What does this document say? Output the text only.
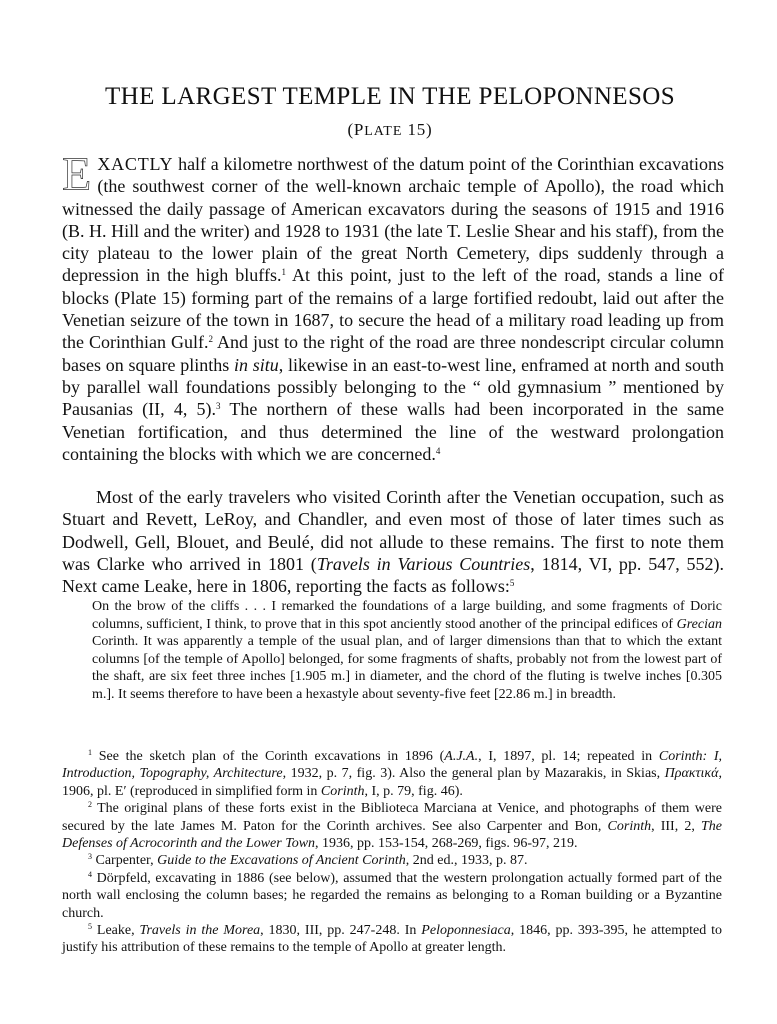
THE LARGEST TEMPLE IN THE PELOPONNESOS
(PLATE 15)

EXACTLY half a kilometre northwest of the datum point of the Corinthian excavations (the southwest corner of the well-known archaic temple of Apollo), the road which witnessed the daily passage of American excavators during the seasons of 1915 and 1916 (B. H. Hill and the writer) and 1928 to 1931 (the late T. Leslie Shear and his staff), from the city plateau to the lower plain of the great North Cemetery, dips suddenly through a depression in the high bluffs.$^1$ At this point, just to the left of the road, stands a line of blocks (Plate 15) forming part of the remains of a large fortified redoubt, laid out after the Venetian seizure of the town in 1687, to secure the head of a military road leading up from the Corinthian Gulf.$^2$ And just to the right of the road are three nondescript circular column bases on square plinths in situ, likewise in an east-to-west line, enframed at north and south by parallel wall foundations possibly belonging to the “ old gymnasium ” mentioned by Pausanias (II, 4, 5).$^3$ The northern of these walls had been incorporated in the same Venetian fortification, and thus determined the line of the westward prolongation containing the blocks with which we are concerned.$^4$

Most of the early travelers who visited Corinth after the Venetian occupation, such as Stuart and Revett, LeRoy, and Chandler, and even most of those of later times such as Dodwell, Gell, Blouet, and Beulé, did not allude to these remains. The first to note them was Clarke who arrived in 1801 (Travels in Various Countries, 1814, VI, pp. 547, 552). Next came Leake, here in 1806, reporting the facts as follows:$^5$

On the brow of the cliffs . . . I remarked the foundations of a large building, and some fragments of Doric columns, sufficient, I think, to prove that in this spot anciently stood another of the principal edifices of Grecian Corinth. It was apparently a temple of the usual plan, and of larger dimensions than that to which the extant columns [of the temple of Apollo] belonged, for some fragments of shafts, probably not from the lowest part of the shaft, are six feet three inches [1.905 m.] in diameter, and the chord of the fluting is twelve inches [0.305 m.]. It seems therefore to have been a hexastyle about seventy-five feet [22.86 m.] in breadth.

$^1$ See the sketch plan of the Corinth excavations in 1896 (A.J.A., I, 1897, pl. 14; repeated in Corinth: I, Introduction, Topography, Architecture, 1932, p. 7, fig. 3). Also the general plan by Mazarakis, in Skias, Πρακτικά, 1906, pl. Ε′ (reproduced in simplified form in Corinth, I, p. 79, fig. 46).

$^2$ The original plans of these forts exist in the Biblioteca Marciana at Venice, and photographs of them were secured by the late James M. Paton for the Corinth archives. See also Carpenter and Bon, Corinth, III, 2, The Defenses of Acrocorinth and the Lower Town, 1936, pp. 153-154, 268-269, figs. 96-97, 219.

$^3$ Carpenter, Guide to the Excavations of Ancient Corinth, 2nd ed., 1933, p. 87.

$^4$ Dörpfeld, excavating in 1886 (see below), assumed that the western prolongation actually formed part of the north wall enclosing the column bases; he regarded the remains as belonging to a Roman building or a Byzantine church.

$^5$ Leake, Travels in the Morea, 1830, III, pp. 247-248. In Peloponnesiaca, 1846, pp. 393-395, he attempted to justify his attribution of these remains to the temple of Apollo at greater length.
